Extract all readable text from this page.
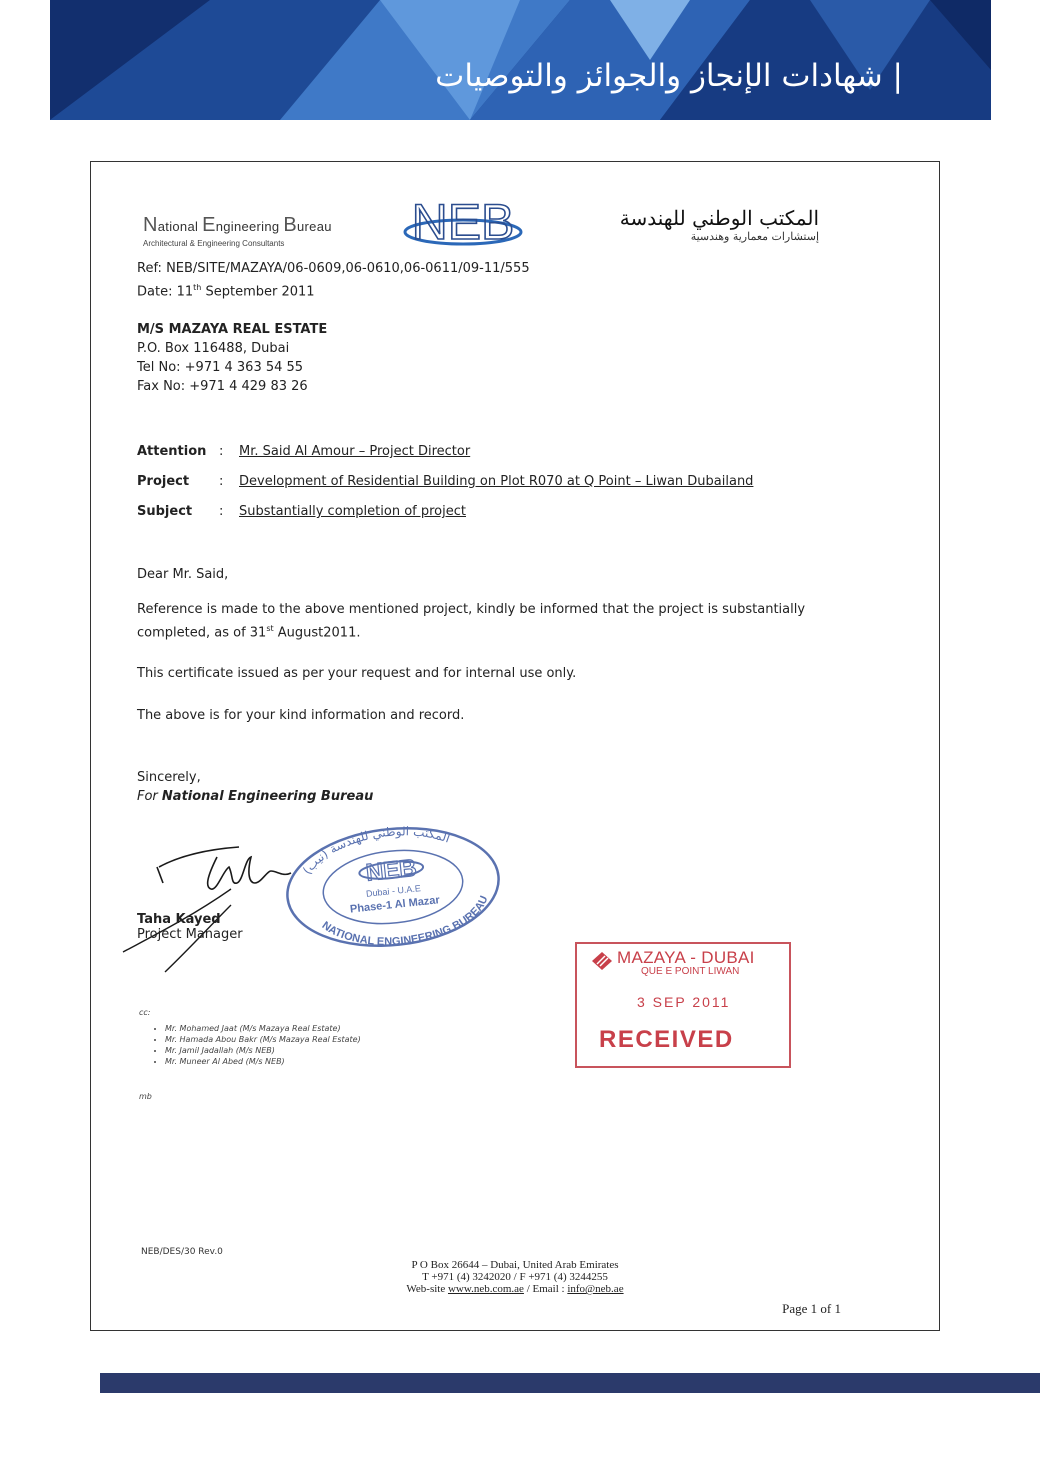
| شهادات الإنجاز والجوائز والتوصيات
National Engineering Bureau
Architectural & Engineering Consultants	NEB	المكتب الوطني للهندسة
إستشارات معمارية وهندسية
Ref: NEB/SITE/MAZAYA/06-0609,06-0610,06-0611/09-11/555
Date: 11th September 2011
M/S MAZAYA REAL ESTATE
P.O. Box 116488, Dubai
Tel No: +971 4 363 54 55
Fax No: +971 4 429 83 26
Attention : Mr. Said Al Amour – Project Director
Project : Development of Residential Building on Plot R070 at Q Point – Liwan Dubailand
Subject : Substantially completion of project
Dear Mr. Said,
Reference is made to the above mentioned project, kindly be informed that the project is substantially completed, as of 31st August2011.
This certificate issued as per your request and for internal use only.
The above is for your kind information and record.
Sincerely,
For National Engineering Bureau
المكتب الوطني للهندسة (نيب)
NATIONAL ENGINEERING BUREAU
NEB
Dubai - U.A.E
Phase-1 Al Mazar
Taha Kayed
Project Manager
MAZAYA - DUBAI
QUE E POINT LIWAN
3 SEP 2011
RECEIVED
cc:
• Mr. Mohamed Jaat (M/s Mazaya Real Estate)
• Mr. Hamada Abou Bakr (M/s Mazaya Real Estate)
• Mr. Jamil Jadallah (M/s NEB)
• Mr. Muneer Al Abed (M/s NEB)
mb
NEB/DES/30 Rev.0
P O Box 26644 – Dubai, United Arab Emirates
T +971 (4) 3242020 / F +971 (4) 3244255
Web-site www.neb.com.ae / Email : info@neb.ae
Page 1 of 1
